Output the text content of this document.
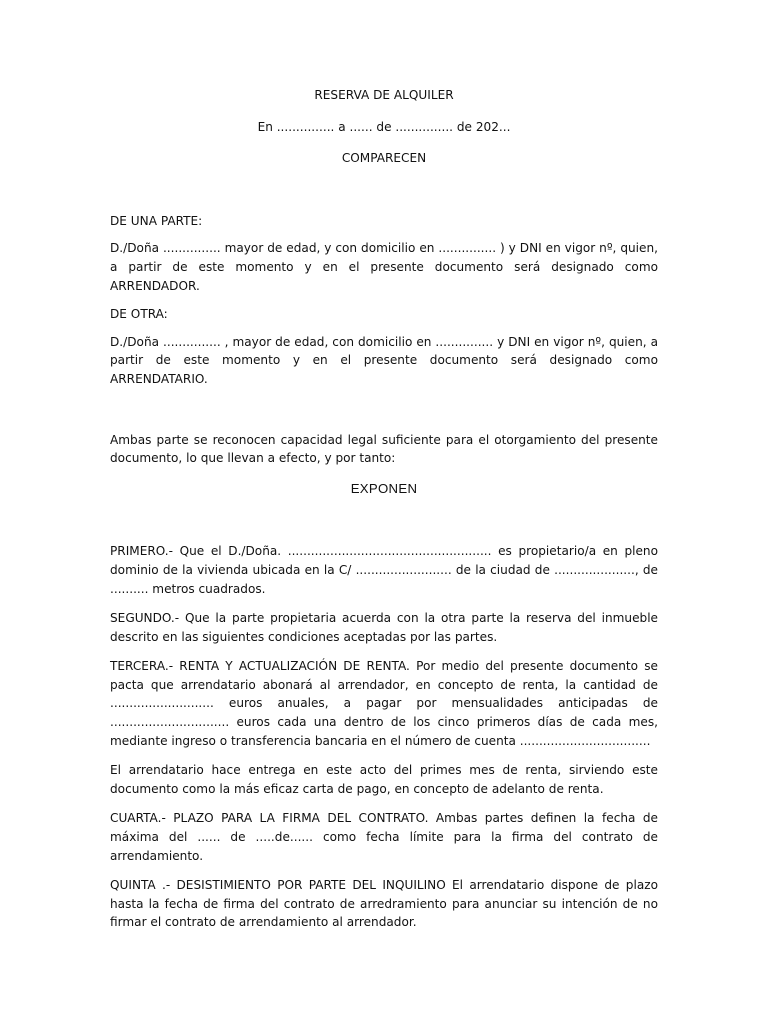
RESERVA DE ALQUILER

En ............... a ...... de ............... de 202...

COMPARECEN

DE UNA PARTE:

D./Doña ............... mayor de edad, y con domicilio en ............... ) y DNI en vigor nº, quien, a partir de este momento y en el presente documento será designado como ARRENDADOR.

DE OTRA:

D./Doña ............... , mayor de edad, con domicilio en ............... y DNI en vigor nº, quien, a partir de este momento y en el presente documento será designado como ARRENDATARIO.

Ambas parte se reconocen capacidad legal suficiente para el otorgamiento del presente documento, lo que llevan a efecto, y por tanto:

EXPONEN

PRIMERO.- Que el D./Doña. ..................................................... es propietario/a en pleno dominio de la vivienda ubicada en la C/ ......................... de la ciudad de ....................., de .......... metros cuadrados.

SEGUNDO.- Que la parte propietaria acuerda con la otra parte la reserva del inmueble descrito en las siguientes condiciones aceptadas por las partes.

TERCERA.- RENTA Y ACTUALIZACIÓN DE RENTA. Por medio del presente documento se pacta que arrendatario abonará al arrendador, en concepto de renta, la cantidad de ........................... euros anuales, a pagar por mensualidades anticipadas de ............................... euros cada una dentro de los cinco primeros días de cada mes, mediante ingreso o transferencia bancaria en el número de cuenta ..................................

El arrendatario hace entrega en este acto del primes mes de renta, sirviendo este documento como la más eficaz carta de pago, en concepto de adelanto de renta.

CUARTA.- PLAZO PARA LA FIRMA DEL CONTRATO. Ambas partes definen la fecha de máxima del ...... de .....de...... como fecha límite para la firma del contrato de arrendamiento.

QUINTA .- DESISTIMIENTO POR PARTE DEL INQUILINO El arrendatario dispone de plazo hasta la fecha de firma del contrato de arredramiento para anunciar su intención de no firmar el contrato de arrendamiento al arrendador.
